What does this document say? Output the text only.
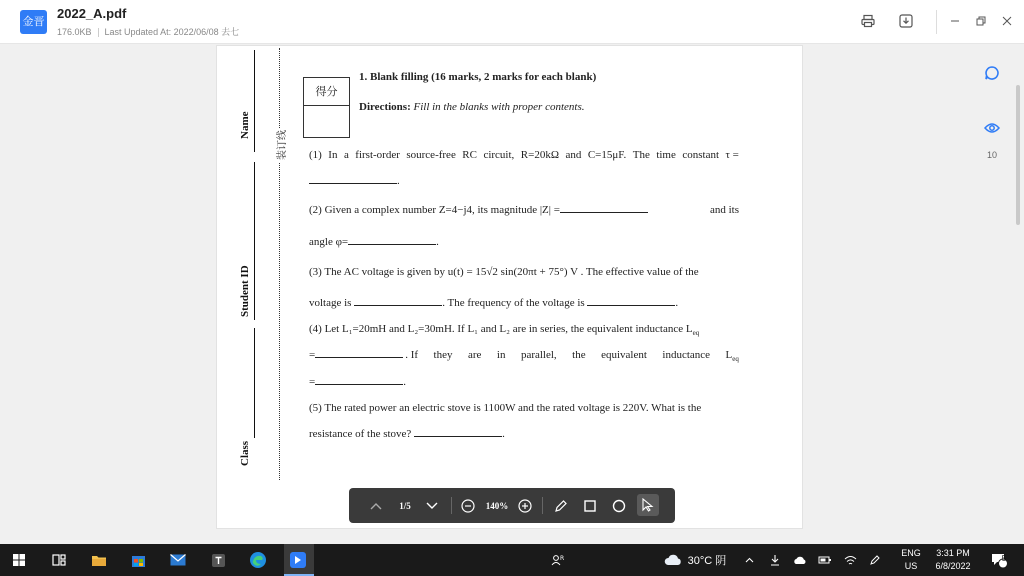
金晋
2022_A.pdf
176.0KB Last Updated At: 2022/06/08 去七
Name
Student ID
Class
装订线
得分
1. Blank filling (16 marks, 2 marks for each blank)
Directions: Fill in the blanks with proper contents.
(1) In a first-order source-free RC circuit, R=20kΩ and C=15μF. The time constant τ =
.
(2) Given a complex number Z=4−j4, its magnitude |Z| =	and its
angle φ=	.
(3) The AC voltage is given by u(t) = 15√2 sin(20πt + 75°) V . The effective value of the
voltage is	. The frequency of the voltage is	.
(4) Let L₁=20mH and L₂=30mH. If L₁ and L₂ are in series, the equivalent inductance $L_{eq}$
=	. If they are in parallel, the equivalent inductance $L_{eq}$
=	.
(5) The rated power an electric stove is 1100W and the rated voltage is 220V. What is the
resistance of the stove?	.
1/5	140%
10
R	30°C 阴
ENG
US
3:31 PM
6/8/2022
5
